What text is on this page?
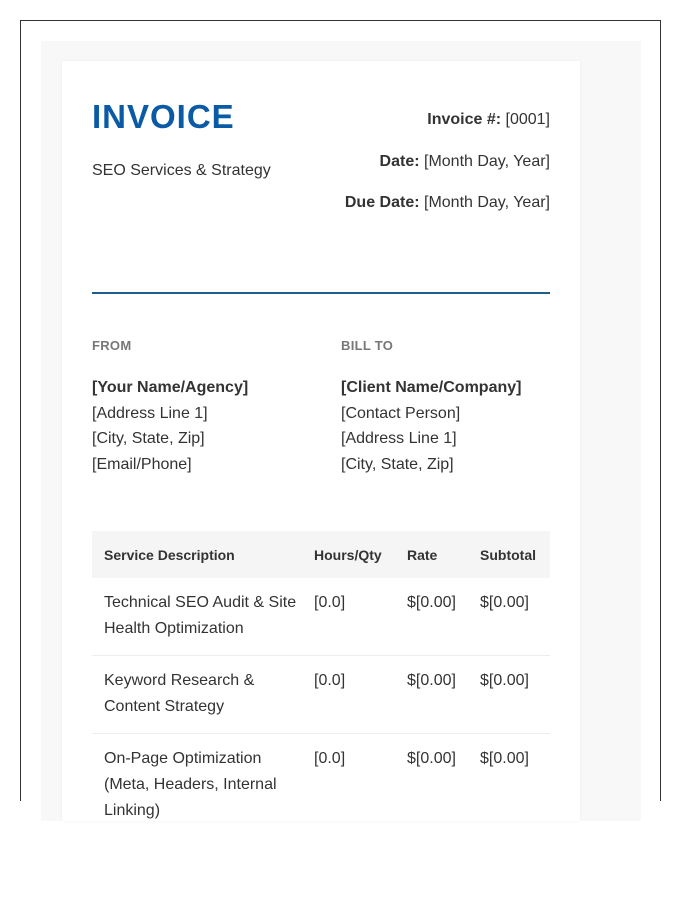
INVOICE
SEO Services & Strategy
Invoice #: [0001]
Date: [Month Day, Year]
Due Date: [Month Day, Year]
FROM
[Your Name/Agency]
[Address Line 1]
[City, State, Zip]
[Email/Phone]
BILL TO
[Client Name/Company]
[Contact Person]
[Address Line 1]
[City, State, Zip]
Service Description	Hours/Qty	Rate	Subtotal
Technical SEO Audit & Site Health Optimization	[0.0]	$[0.00]	$[0.00]
Keyword Research & Content Strategy	[0.0]	$[0.00]	$[0.00]
On-Page Optimization (Meta, Headers, Internal Linking)	[0.0]	$[0.00]	$[0.00]
